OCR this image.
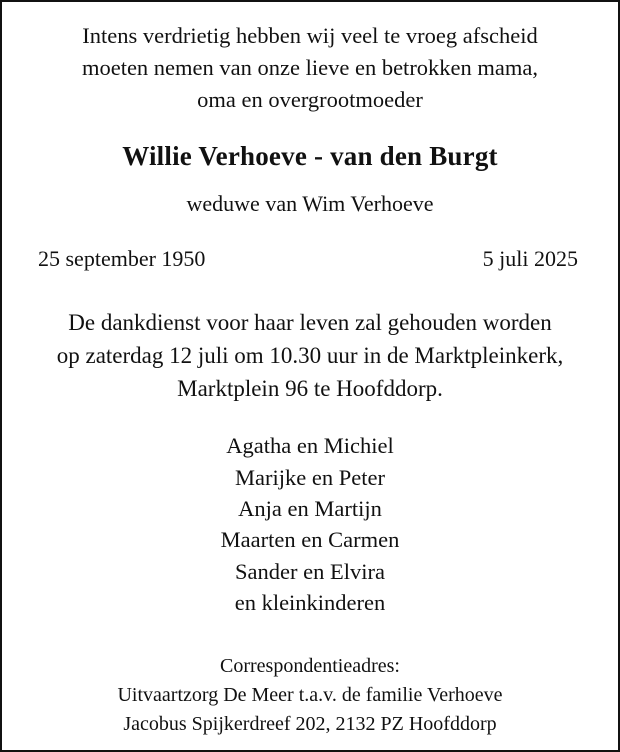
Intens verdrietig hebben wij veel te vroeg afscheid
moeten nemen van onze lieve en betrokken mama,
oma en overgrootmoeder
Willie Verhoeve - van den Burgt
weduwe van Wim Verhoeve
25 september 1950	5 juli 2025
De dankdienst voor haar leven zal gehouden worden
op zaterdag 12 juli om 10.30 uur in de Marktpleinkerk,
Marktplein 96 te Hoofddorp.
Agatha en Michiel
Marijke en Peter
Anja en Martijn
Maarten en Carmen
Sander en Elvira
en kleinkinderen
Correspondentieadres:
Uitvaartzorg De Meer t.a.v. de familie Verhoeve
Jacobus Spijkerdreef 202, 2132 PZ Hoofddorp
